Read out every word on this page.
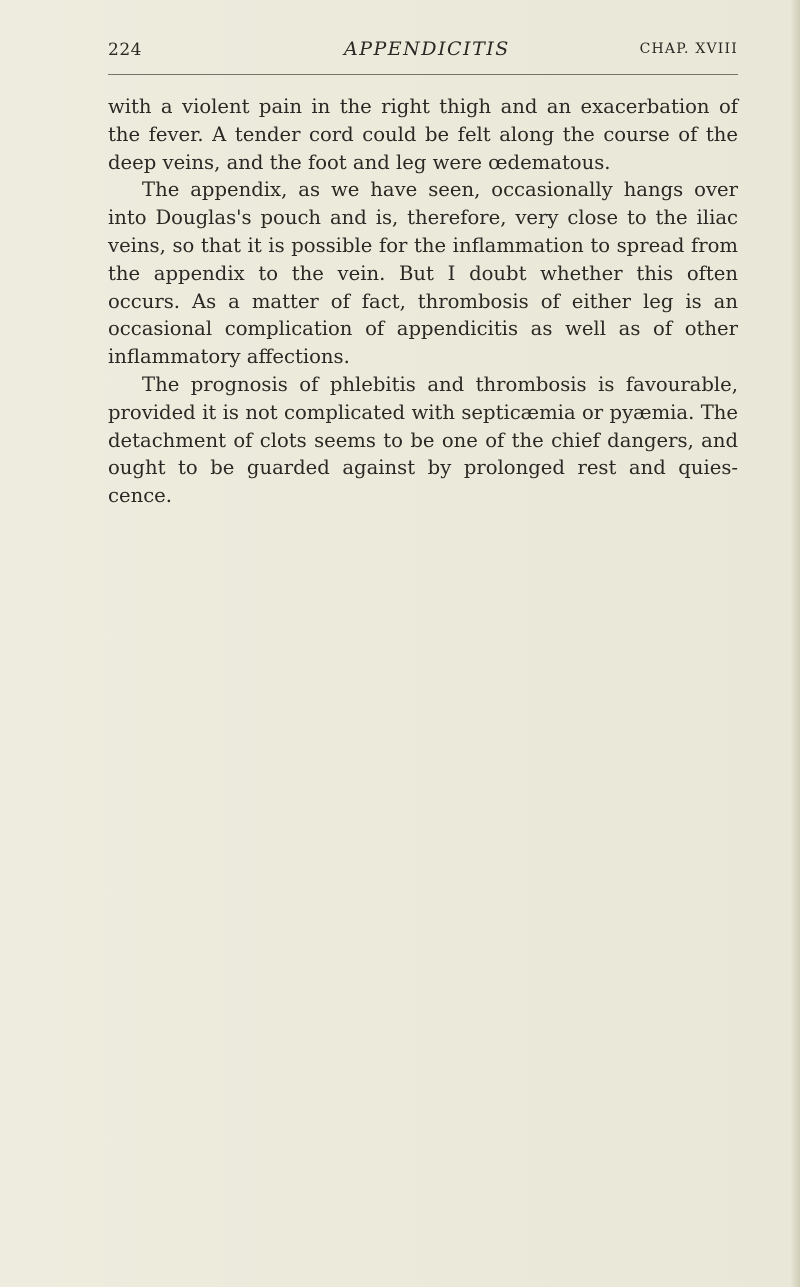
224	APPENDICITIS	CHAP. XVIII

with a violent pain in the right thigh and an exacerbation of the fever. A tender cord could be felt along the course of the deep veins, and the foot and leg were œdematous.

The appendix, as we have seen, occasionally hangs over into Douglas's pouch and is, therefore, very close to the iliac veins, so that it is possible for the inflammation to spread from the appendix to the vein. But I doubt whether this often occurs. As a matter of fact, thrombosis of either leg is an occasional complication of appendicitis as well as of other inflammatory affections.

The prognosis of phlebitis and thrombosis is favourable, provided it is not complicated with septicæmia or pyæmia. The detachment of clots seems to be one of the chief dangers, and ought to be guarded against by prolonged rest and quies-cence.
